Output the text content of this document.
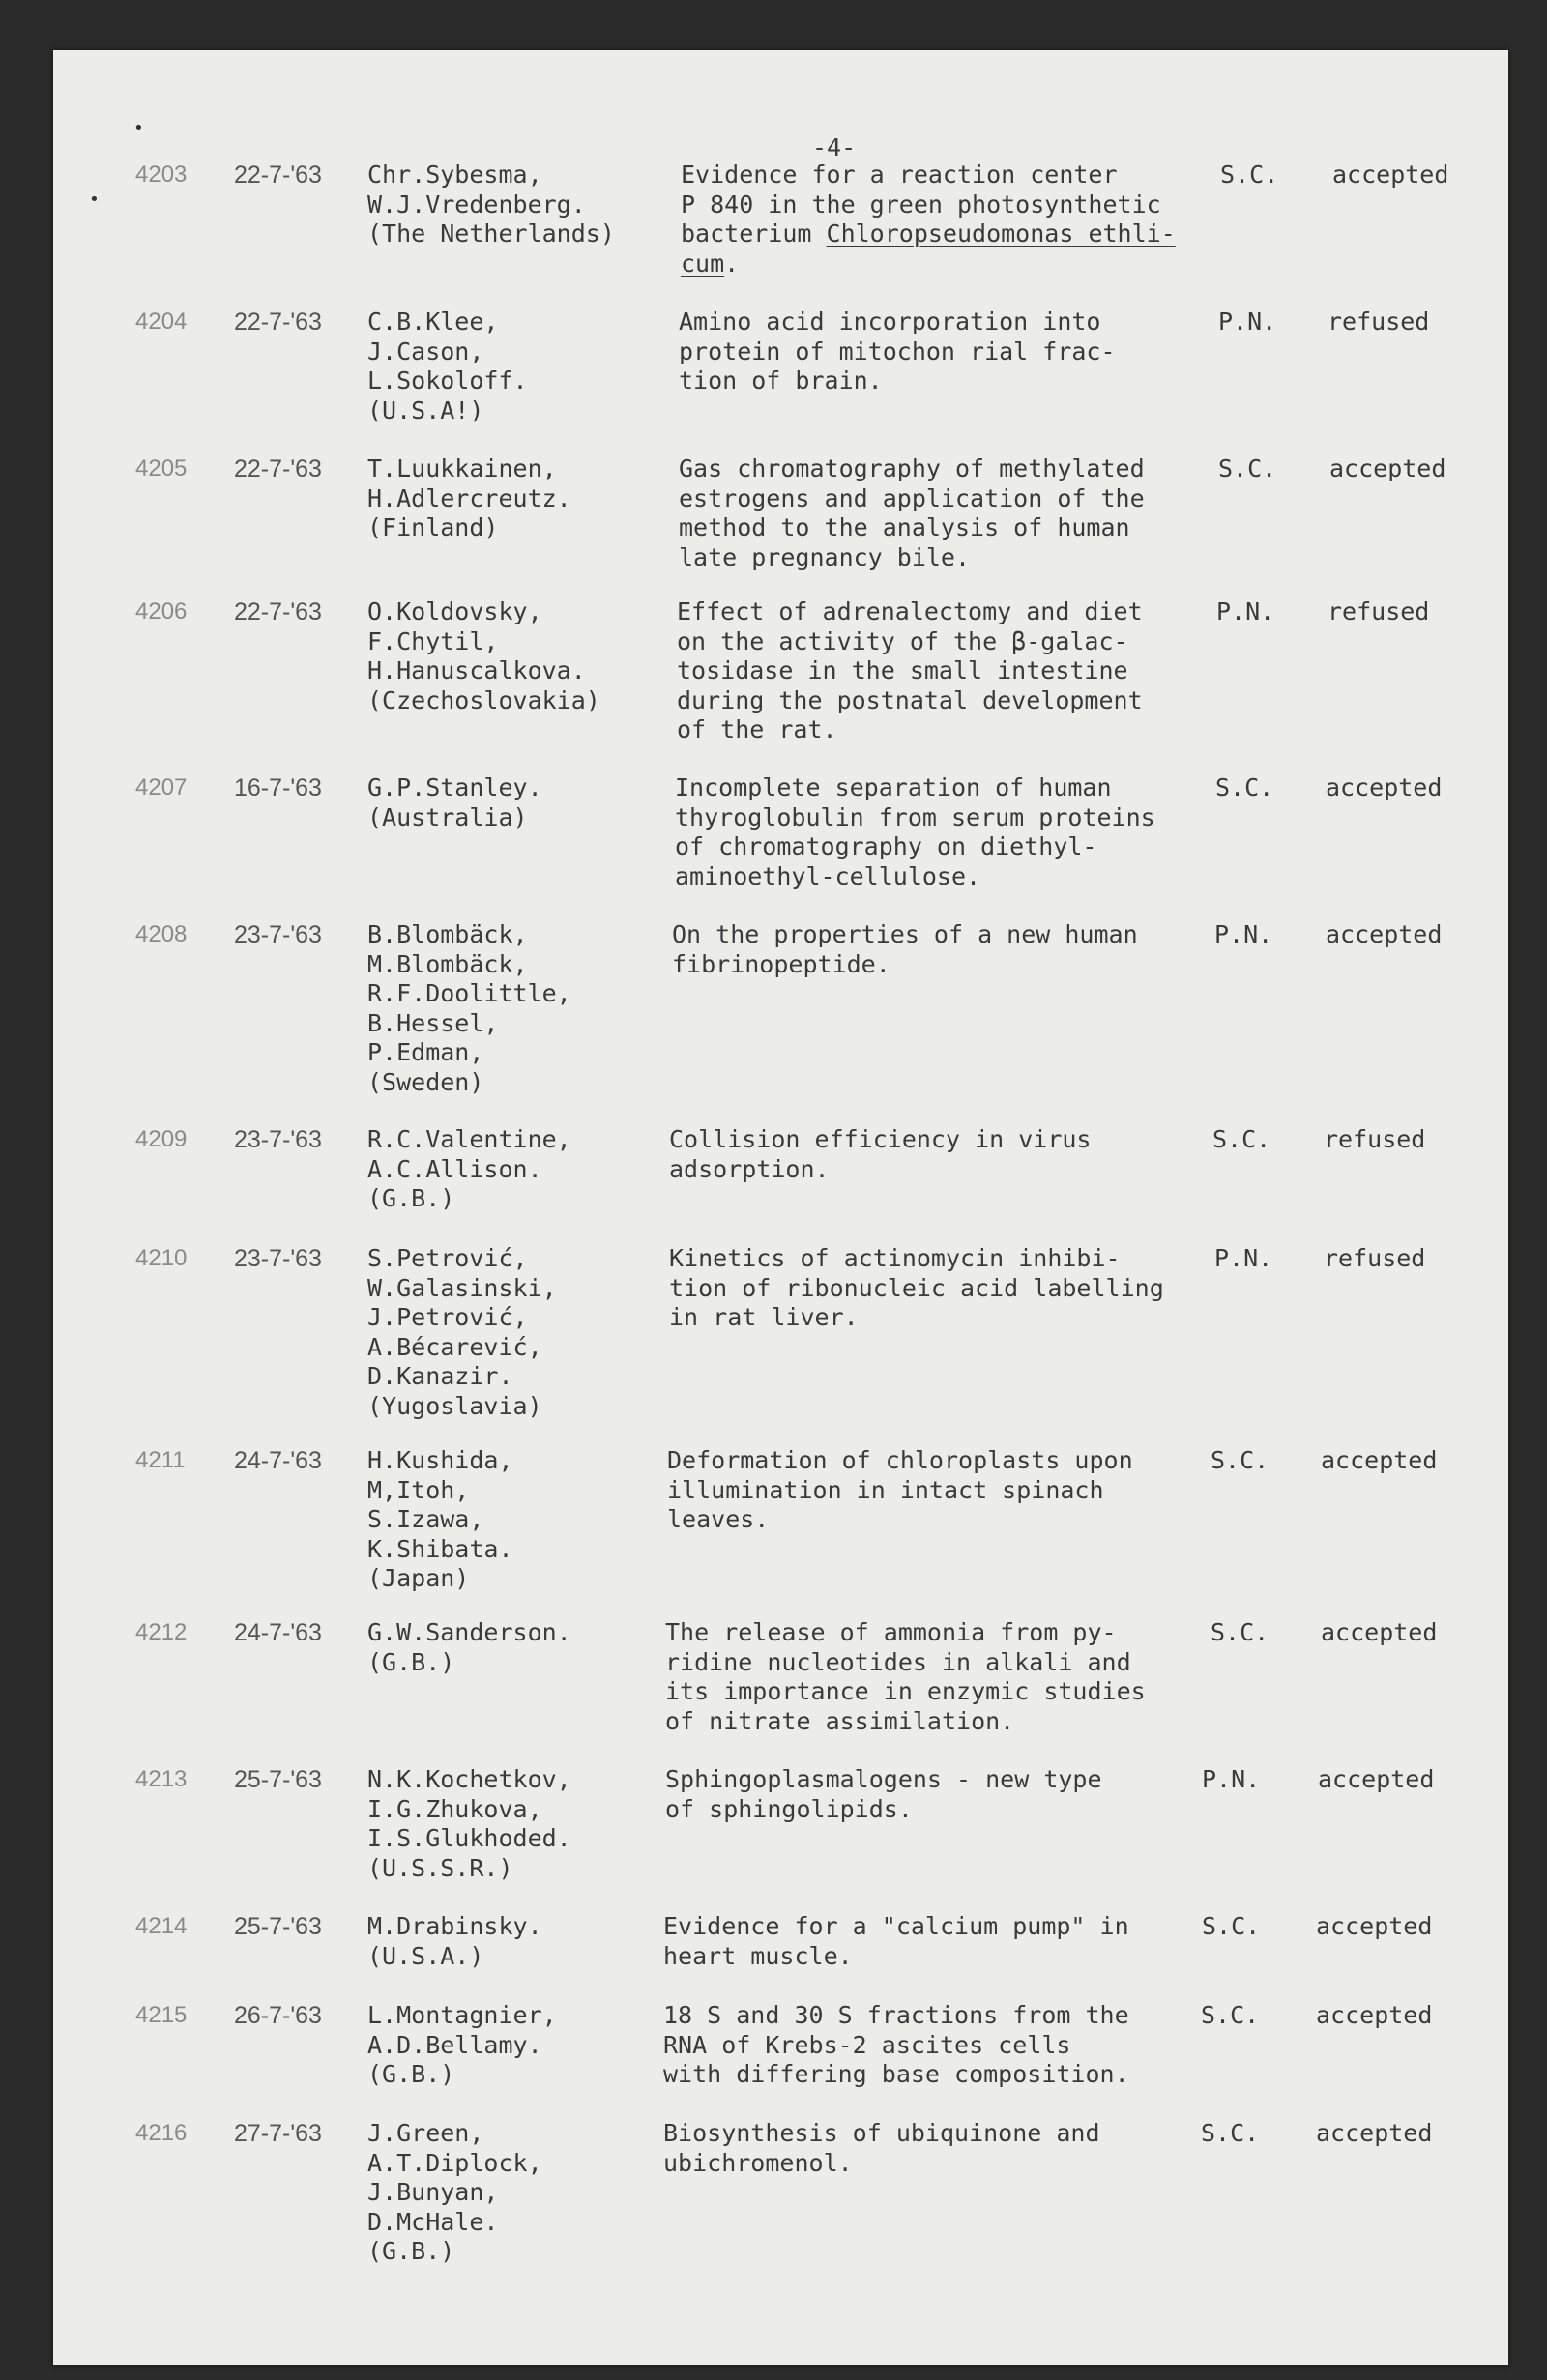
•
•
-4-
4203 22-7-'63 Chr.Sybesma,
W.J.Vredenberg.
(The Netherlands)
Evidence for a reaction center
P 840 in the green photosynthetic
bacterium Chloropseudomonas ethli-
cum.
S.C. accepted
4204 22-7-'63 C.B.Klee,
J.Cason,
L.Sokoloff.
(U.S.A!)
Amino acid incorporation into
protein of mitochon rial frac-
tion of brain.
P.N. refused
4205 22-7-'63 T.Luukkainen,
H.Adlercreutz.
(Finland)
Gas chromatography of methylated
estrogens and application of the
method to the analysis of human
late pregnancy bile.
S.C. accepted
4206 22-7-'63 O.Koldovsky,
F.Chytil,
H.Hanuscalkova.
(Czechoslovakia)
Effect of adrenalectomy and diet
on the activity of the β-galac-
tosidase in the small intestine
during the postnatal development
of the rat.
P.N. refused
4207 16-7-'63 G.P.Stanley.
(Australia)
Incomplete separation of human
thyroglobulin from serum proteins
of chromatography on diethyl-
aminoethyl-cellulose.
S.C. accepted
4208 23-7-'63 B.Blombäck,
M.Blombäck,
R.F.Doolittle,
B.Hessel,
P.Edman,
(Sweden)
On the properties of a new human
fibrinopeptide.
P.N. accepted
4209 23-7-'63 R.C.Valentine,
A.C.Allison.
(G.B.)
Collision efficiency in virus
adsorption.
S.C. refused
4210 23-7-'63 S.Petrović,
W.Galasinski,
J.Petrović,
A.Bécarević,
D.Kanazir.
(Yugoslavia)
Kinetics of actinomycin inhibi-
tion of ribonucleic acid labelling
in rat liver.
P.N. refused
4211 24-7-'63 H.Kushida,
M,Itoh,
S.Izawa,
K.Shibata.
(Japan)
Deformation of chloroplasts upon
illumination in intact spinach
leaves.
S.C. accepted
4212 24-7-'63 G.W.Sanderson.
(G.B.)
The release of ammonia from py-
ridine nucleotides in alkali and
its importance in enzymic studies
of nitrate assimilation.
S.C. accepted
4213 25-7-'63 N.K.Kochetkov,
I.G.Zhukova,
I.S.Glukhoded.
(U.S.S.R.)
Sphingoplasmalogens - new type
of sphingolipids.
P.N. accepted
4214 25-7-'63 M.Drabinsky.
(U.S.A.)
Evidence for a "calcium pump" in
heart muscle.
S.C. accepted
4215 26-7-'63 L.Montagnier,
A.D.Bellamy.
(G.B.)
18 S and 30 S fractions from the
RNA of Krebs-2 ascites cells
with differing base composition.
S.C. accepted
4216 27-7-'63 J.Green,
A.T.Diplock,
J.Bunyan,
D.McHale.
(G.B.)
Biosynthesis of ubiquinone and
ubichromenol.
S.C. accepted
